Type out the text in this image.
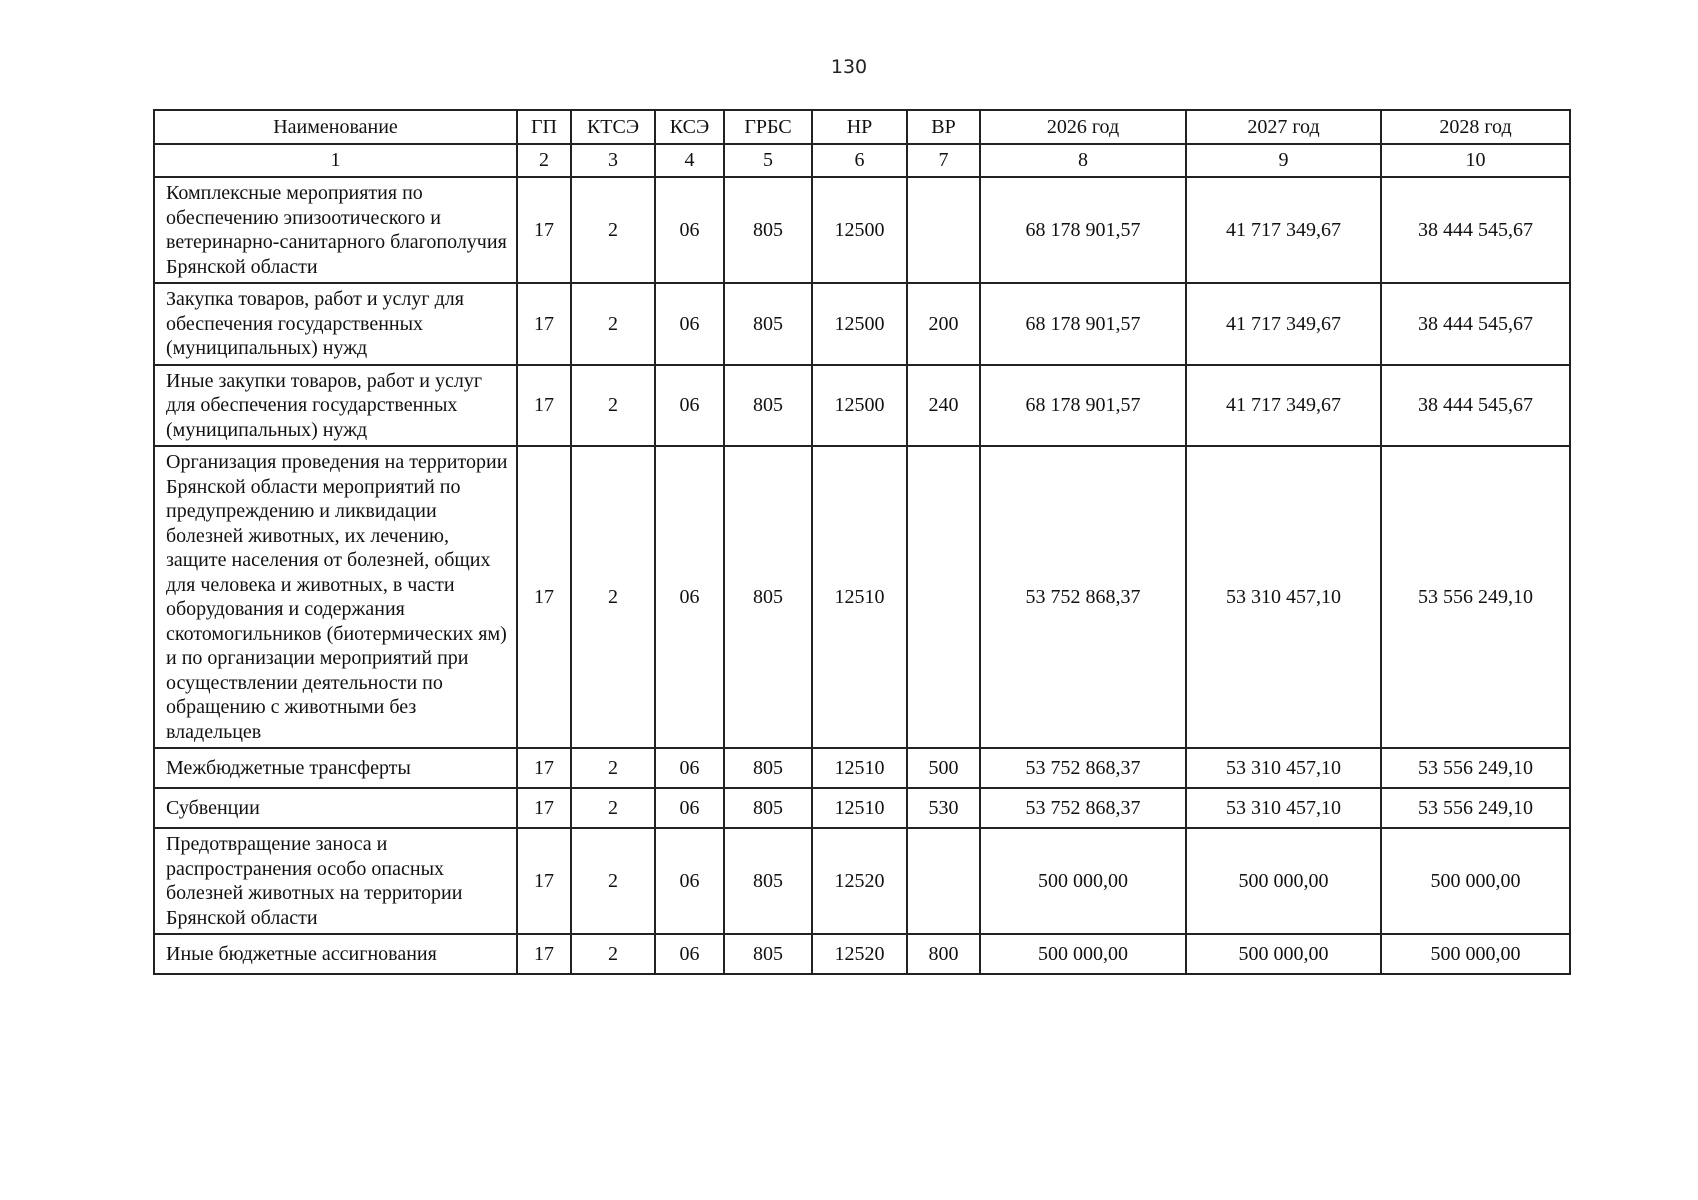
130
Наименование	ГП	КТСЭ	КСЭ	ГРБС	НР	ВР	2026 год	2027 год	2028 год
1	2	3	4	5	6	7	8	9	10
Комплексные мероприятия по обеспечению эпизоотического и ветеринарно-санитарного благополучия Брянской области	17	2	06	805	12500		68 178 901,57	41 717 349,67	38 444 545,67
Закупка товаров, работ и услуг для обеспечения государственных (муниципальных) нужд	17	2	06	805	12500	200	68 178 901,57	41 717 349,67	38 444 545,67
Иные закупки товаров, работ и услуг для обеспечения государственных (муниципальных) нужд	17	2	06	805	12500	240	68 178 901,57	41 717 349,67	38 444 545,67
Организация проведения на территории Брянской области мероприятий по предупреждению и ликвидации болезней животных, их лечению, защите населения от болезней, общих для человека и животных, в части оборудования и содержания скотомогильников (биотермических ям) и по организации мероприятий при осуществлении деятельности по обращению с животными без владельцев	17	2	06	805	12510		53 752 868,37	53 310 457,10	53 556 249,10
Межбюджетные трансферты	17	2	06	805	12510	500	53 752 868,37	53 310 457,10	53 556 249,10
Субвенции	17	2	06	805	12510	530	53 752 868,37	53 310 457,10	53 556 249,10
Предотвращение заноса и распространения особо опасных болезней животных на территории Брянской области	17	2	06	805	12520		500 000,00	500 000,00	500 000,00
Иные бюджетные ассигнования	17	2	06	805	12520	800	500 000,00	500 000,00	500 000,00
